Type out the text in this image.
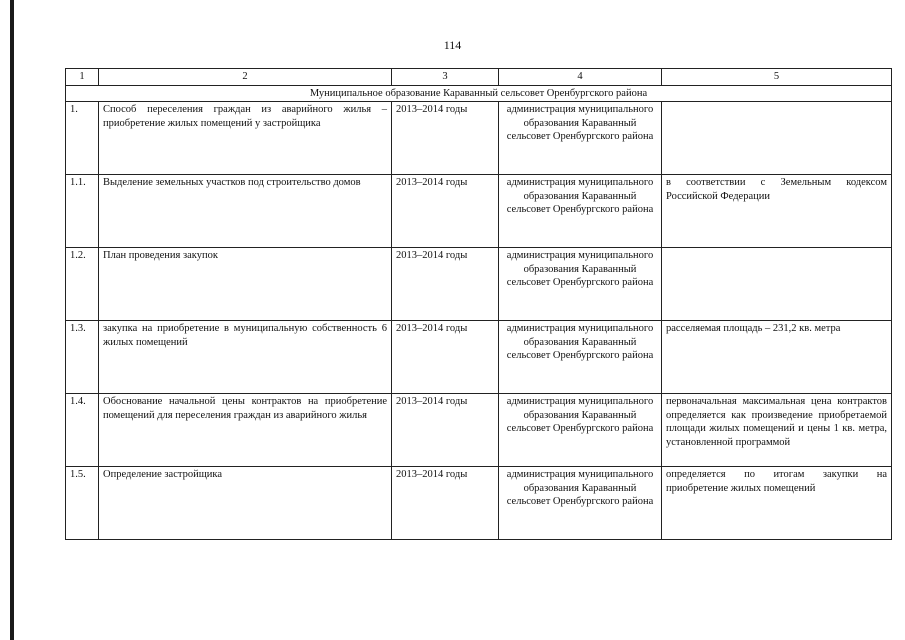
114
1	2	3	4	5
Муниципальное образование Караванный сельсовет Оренбургского района				
1.	Способ переселения граждан из аварийного жилья – приобретение жилых помещений у застройщика	2013–2014 годы	администрация муниципального образования Караванный сельсовет Оренбургского района	
1.1.	Выделение земельных участков под строительство домов	2013–2014 годы	администрация муниципального образования Караванный сельсовет Оренбургского района	в соответствии с Земельным кодексом Российской Федерации
1.2.	План проведения закупок	2013–2014 годы	администрация муниципального образования Караванный сельсовет Оренбургского района	
1.3.	закупка на приобретение в муниципальную собственность 6 жилых помещений	2013–2014 годы	администрация муниципального образования Караванный сельсовет Оренбургского района	расселяемая площадь – 231,2 кв. метра
1.4.	Обоснование начальной цены контрактов на приобретение помещений для переселения граждан из аварийного жилья	2013–2014 годы	администрация муниципального образования Караванный сельсовет Оренбургского района	первоначальная максимальная цена контрактов определяется как произведение приобретаемой площади жилых помещений и цены 1 кв. метра, установленной программой
1.5.	Определение застройщика	2013–2014 годы	администрация муниципального образования Караванный сельсовет Оренбургского района	определяется по итогам закупки на приобретение жилых помещений
